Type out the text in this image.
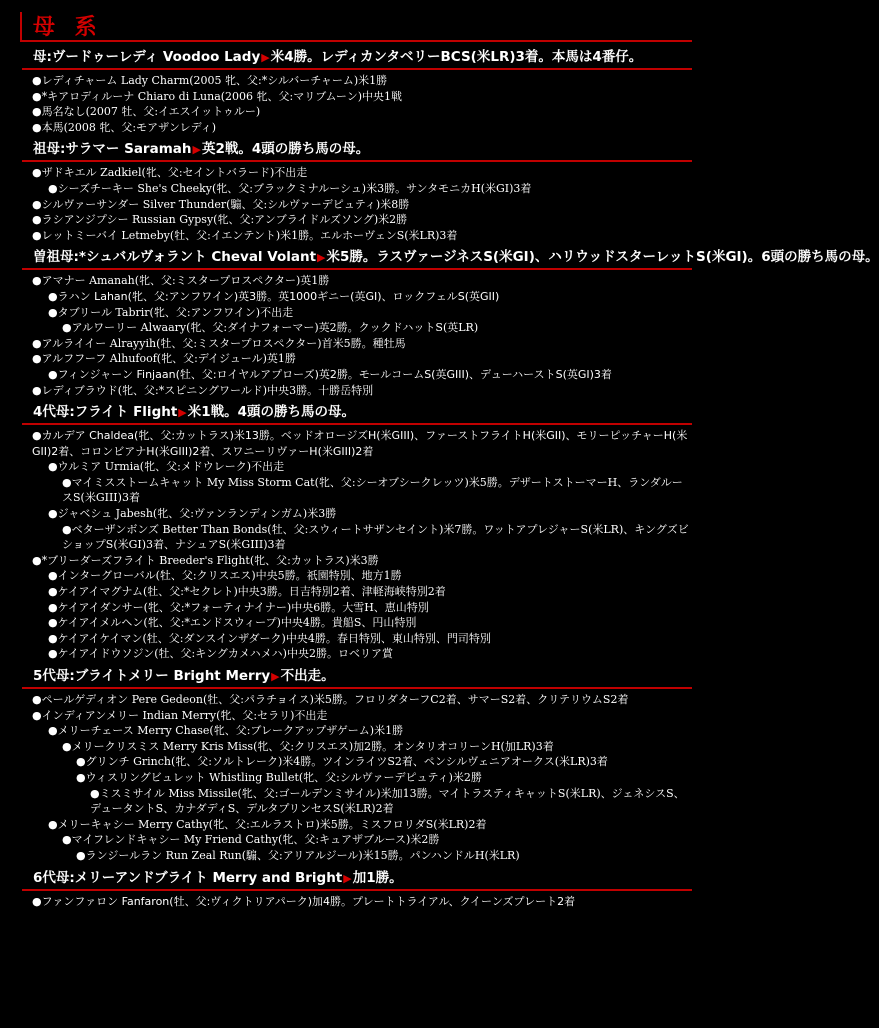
母 系
母:ヴードゥーレディ Voodoo Lady▶米4勝。レディカンタベリーBCS(米LR)3着。本馬は4番仔。
●レディチャーム Lady Charm(2005 牝、父:*シルバーチャーム)米1勝
●*キアロディルーナ Chiaro di Luna(2006 牝、父:マリブムーン)中央1戦
●馬名なし(2007 牡、父:イエスイットゥルー)
●本馬(2008 牝、父:モアザンレディ)
祖母:サラマー Saramah▶英2戦。4頭の勝ち馬の母。
●ザドキエル Zadkiel(牝、父:セイントバラード)不出走
●シーズチーキー She's Cheeky(牝、父:ブラックミナルーシュ)米3勝。サンタモニカH(米GI)3着
●シルヴァーサンダー Silver Thunder(騸、父:シルヴァーデピュティ)米8勝
●ラシアンジプシー Russian Gypsy(牝、父:アンブライドルズソング)米2勝
●レットミーバイ Letmeby(牡、父:イエンテント)米1勝。エルホーヴェンS(米LR)3着
曽祖母:*シュバルヴォラント Cheval Volant▶米5勝。ラスヴァージネスS(米GI)、ハリウッドスターレットS(米GI)。6頭の勝ち馬の母。
●アマナー Amanah(牝、父:ミスタープロスペクター)英1勝
●ラハン Lahan(牝、父:アンフワイン)英3勝。英1000ギニー(英GI)、ロックフェルS(英GII)
●タブリール Tabrir(牝、父:アンフワイン)不出走
●アルワーリー Alwaary(牝、父:ダイナフォーマー)英2勝。クックドハットS(英LR)
●アルライイー Alrayyih(牡、父:ミスタープロスペクター)首米5勝。種牡馬
●アルフフーフ Alhufoof(牝、父:デイジュール)英1勝
●フィンジャーン Finjaan(牡、父:ロイヤルアプローズ)英2勝。モールコームS(英GIII)、デューハーストS(英GI)3着
●レディブラウド(牝、父:*スピニングワールド)中央3勝。十勝岳特別
4代母:フライト Flight▶米1戦。4頭の勝ち馬の母。
●カルデア Chaldea(牝、父:カットラス)米13勝。ベッドオロージズH(米GIII)、ファーストフライトH(米GII)、モリーピッチャーH(米GII)2着、コロンビアナH(米GIII)2着、スワニーリヴァーH(米GIII)2着
●ウルミア Urmia(牝、父:メドウレーク)不出走
●マイミスストームキャット My Miss Storm Cat(牝、父:シーオブシークレッツ)米5勝。デザートストーマーH、ランダルースS(米GIII)3着
●ジャベシュ Jabesh(牝、父:ヴァンランディンガム)米3勝
●ベターザンボンズ Better Than Bonds(牡、父:スウィートサザンセイント)米7勝。ワットアプレジャーS(米LR)、キングズビショップS(米GI)3着、ナシュアS(米GIII)3着
●*ブリーダーズフライト Breeder's Flight(牝、父:カットラス)米3勝
●インターグローバル(牡、父:クリスエス)中央5勝。祇園特別、地方1勝
●ケイアイマグナム(牡、父:*セクレト)中央3勝。日吉特別2着、津軽海峡特別2着
●ケイアイダンサー(牝、父:*フォーティナイナー)中央6勝。大雪H、恵山特別
●ケイアイメルヘン(牝、父:*エンドスウィープ)中央4勝。貴船S、円山特別
●ケイアイケイマン(牡、父:ダンスインザダーク)中央4勝。春日特別、東山特別、門司特別
●ケイアイドウソジン(牡、父:キングカメハメハ)中央2勝。ロベリア賞
5代母:ブライトメリー Bright Merry▶不出走。
●ペールゲディオン Pere Gedeon(牡、父:パラチョイス)米5勝。フロリダターフC2着、サマーS2着、クリテリウムS2着
●インディアンメリー Indian Merry(牝、父:セラリ)不出走
●メリーチェース Merry Chase(牝、父:ブレークアップザゲーム)米1勝
●メリークリスミス Merry Kris Miss(牝、父:クリスエス)加2勝。オンタリオコリーンH(加LR)3着
●グリンチ Grinch(牝、父:ソルトレーク)米4勝。ツインライツS2着、ペンシルヴェニアオークス(米LR)3着
●ウィスリングビュレット Whistling Bullet(牝、父:シルヴァーデピュティ)米2勝
●ミスミサイル Miss Missile(牝、父:ゴールデンミサイル)米加13勝。マイトラスティキャットS(米LR)、ジェネシスS、デュータントS、カナダディS、デルタプリンセスS(米LR)2着
●メリーキャシー Merry Cathy(牝、父:エルラストロ)米5勝。ミスフロリダS(米LR)2着
●マイフレンドキャシー My Friend Cathy(牝、父:キュアザブルース)米2勝
●ランジールラン Run Zeal Run(騸、父:アリアルジール)米15勝。パンハンドルH(米LR)
6代母:メリーアンドブライト Merry and Bright▶加1勝。
●ファンファロン Fanfaron(牡、父:ヴィクトリアパーク)加4勝。プレートトライアル、クイーンズプレート2着
